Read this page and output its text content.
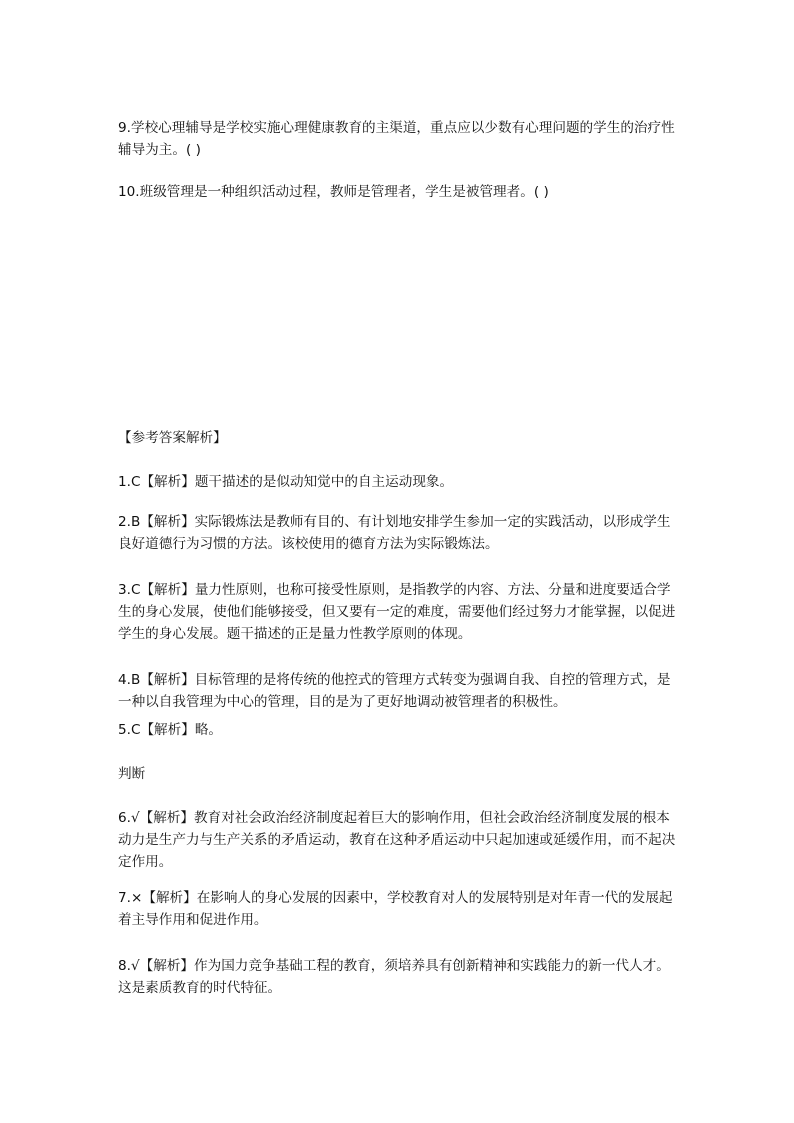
9.学校心理辅导是学校实施心理健康教育的主渠道，重点应以少数有心理问题的学生的治疗性辅导为主。( )

10.班级管理是一种组织活动过程，教师是管理者，学生是被管理者。( )

【参考答案解析】

1.C【解析】题干描述的是似动知觉中的自主运动现象。

2.B【解析】实际锻炼法是教师有目的、有计划地安排学生参加一定的实践活动，以形成学生良好道德行为习惯的方法。该校使用的德育方法为实际锻炼法。

3.C【解析】量力性原则，也称可接受性原则，是指教学的内容、方法、分量和进度要适合学生的身心发展，使他们能够接受，但又要有一定的难度，需要他们经过努力才能掌握，以促进学生的身心发展。题干描述的正是量力性教学原则的体现。

4.B【解析】目标管理的是将传统的他控式的管理方式转变为强调自我、自控的管理方式，是一种以自我管理为中心的管理，目的是为了更好地调动被管理者的积极性。

5.C【解析】略。

判断

6.√【解析】教育对社会政治经济制度起着巨大的影响作用，但社会政治经济制度发展的根本动力是生产力与生产关系的矛盾运动，教育在这种矛盾运动中只起加速或延缓作用，而不起决定作用。

7.×【解析】在影响人的身心发展的因素中，学校教育对人的发展特别是对年青一代的发展起着主导作用和促进作用。

8.√【解析】作为国力竞争基础工程的教育，须培养具有创新精神和实践能力的新一代人才。这是素质教育的时代特征。
